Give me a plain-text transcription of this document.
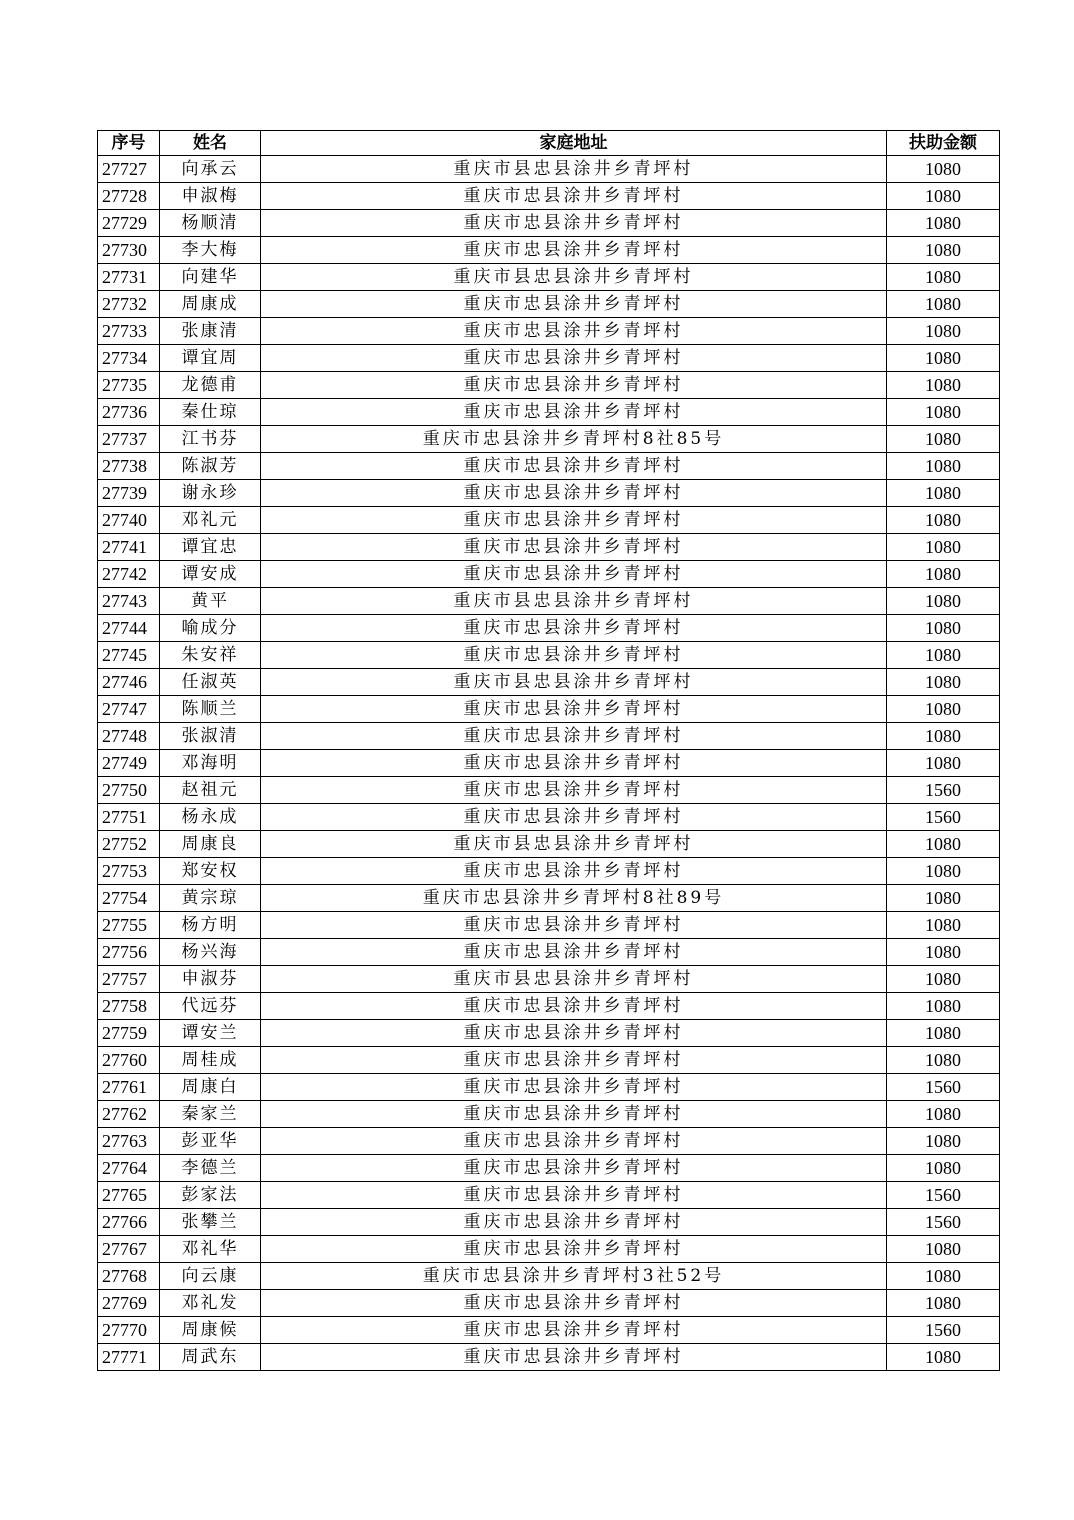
序号	姓名	家庭地址	扶助金额
27727	向承云	重庆市县忠县涂井乡青坪村	1080
27728	申淑梅	重庆市忠县涂井乡青坪村	1080
27729	杨顺清	重庆市忠县涂井乡青坪村	1080
27730	李大梅	重庆市忠县涂井乡青坪村	1080
27731	向建华	重庆市县忠县涂井乡青坪村	1080
27732	周康成	重庆市忠县涂井乡青坪村	1080
27733	张康清	重庆市忠县涂井乡青坪村	1080
27734	谭宜周	重庆市忠县涂井乡青坪村	1080
27735	龙德甫	重庆市忠县涂井乡青坪村	1080
27736	秦仕琼	重庆市忠县涂井乡青坪村	1080
27737	江书芬	重庆市忠县涂井乡青坪村8社85号	1080
27738	陈淑芳	重庆市忠县涂井乡青坪村	1080
27739	谢永珍	重庆市忠县涂井乡青坪村	1080
27740	邓礼元	重庆市忠县涂井乡青坪村	1080
27741	谭宜忠	重庆市忠县涂井乡青坪村	1080
27742	谭安成	重庆市忠县涂井乡青坪村	1080
27743	黄平	重庆市县忠县涂井乡青坪村	1080
27744	喻成分	重庆市忠县涂井乡青坪村	1080
27745	朱安祥	重庆市忠县涂井乡青坪村	1080
27746	任淑英	重庆市县忠县涂井乡青坪村	1080
27747	陈顺兰	重庆市忠县涂井乡青坪村	1080
27748	张淑清	重庆市忠县涂井乡青坪村	1080
27749	邓海明	重庆市忠县涂井乡青坪村	1080
27750	赵祖元	重庆市忠县涂井乡青坪村	1560
27751	杨永成	重庆市忠县涂井乡青坪村	1560
27752	周康良	重庆市县忠县涂井乡青坪村	1080
27753	郑安权	重庆市忠县涂井乡青坪村	1080
27754	黄宗琼	重庆市忠县涂井乡青坪村8社89号	1080
27755	杨方明	重庆市忠县涂井乡青坪村	1080
27756	杨兴海	重庆市忠县涂井乡青坪村	1080
27757	申淑芬	重庆市县忠县涂井乡青坪村	1080
27758	代远芬	重庆市忠县涂井乡青坪村	1080
27759	谭安兰	重庆市忠县涂井乡青坪村	1080
27760	周桂成	重庆市忠县涂井乡青坪村	1080
27761	周康白	重庆市忠县涂井乡青坪村	1560
27762	秦家兰	重庆市忠县涂井乡青坪村	1080
27763	彭亚华	重庆市忠县涂井乡青坪村	1080
27764	李德兰	重庆市忠县涂井乡青坪村	1080
27765	彭家法	重庆市忠县涂井乡青坪村	1560
27766	张攀兰	重庆市忠县涂井乡青坪村	1560
27767	邓礼华	重庆市忠县涂井乡青坪村	1080
27768	向云康	重庆市忠县涂井乡青坪村3社52号	1080
27769	邓礼发	重庆市忠县涂井乡青坪村	1080
27770	周康候	重庆市忠县涂井乡青坪村	1560
27771	周武东	重庆市忠县涂井乡青坪村	1080
